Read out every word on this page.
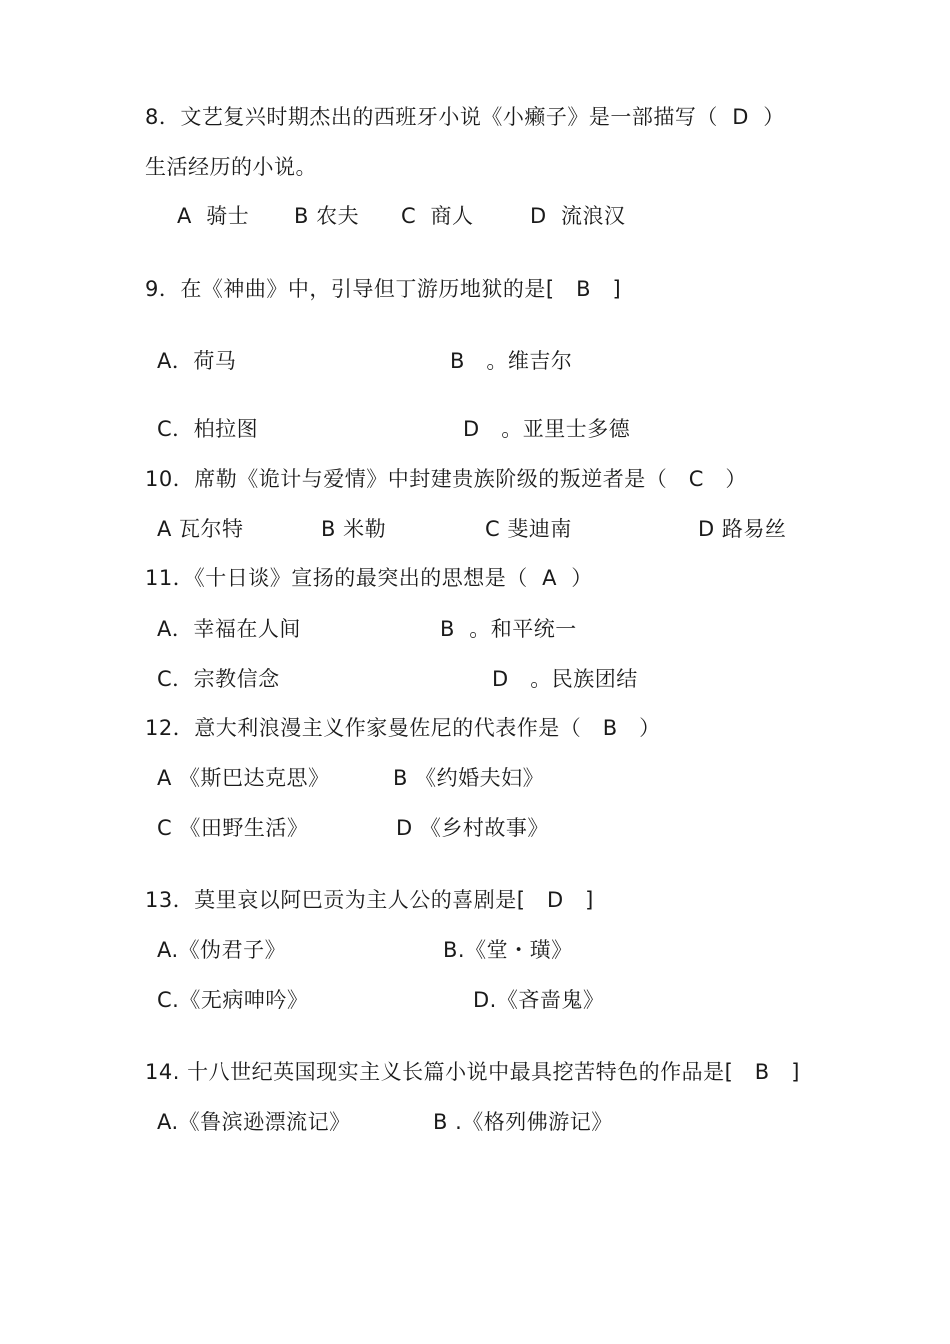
8．文艺复兴时期杰出的西班牙小说《小癞子》是一部描写（  D  ）
生活经历的小说。
A  骑士 B 农夫 C  商人	D  流浪汉
9．在《神曲》中，引导但丁游历地狱的是[   B   ]
A．荷马	B   。维吉尔
C．柏拉图	D   。亚里士多德
10．席勒《诡计与爱情》中封建贵族阶级的叛逆者是（   C   ）
A 瓦尔特	B 米勒	C 斐迪南	D 路易丝
11．《十日谈》宣扬的最突出的思想是（  A  ）
A．幸福在人间	B  。和平统一
C．宗教信念	D   。民族团结
12．意大利浪漫主义作家曼佐尼的代表作是（   B   ）
A 《斯巴达克思》	B 《约婚夫妇》
C 《田野生活》	D 《乡村故事》
13．莫里哀以阿巴贡为主人公的喜剧是[   D   ]
A.《伪君子》	B.《堂・璜》
C.《无病呻吟》	D.《吝啬鬼》
14. 十八世纪英国现实主义长篇小说中最具挖苦特色的作品是[   B   ]
A.《鲁滨逊漂流记》	B .《格列佛游记》
